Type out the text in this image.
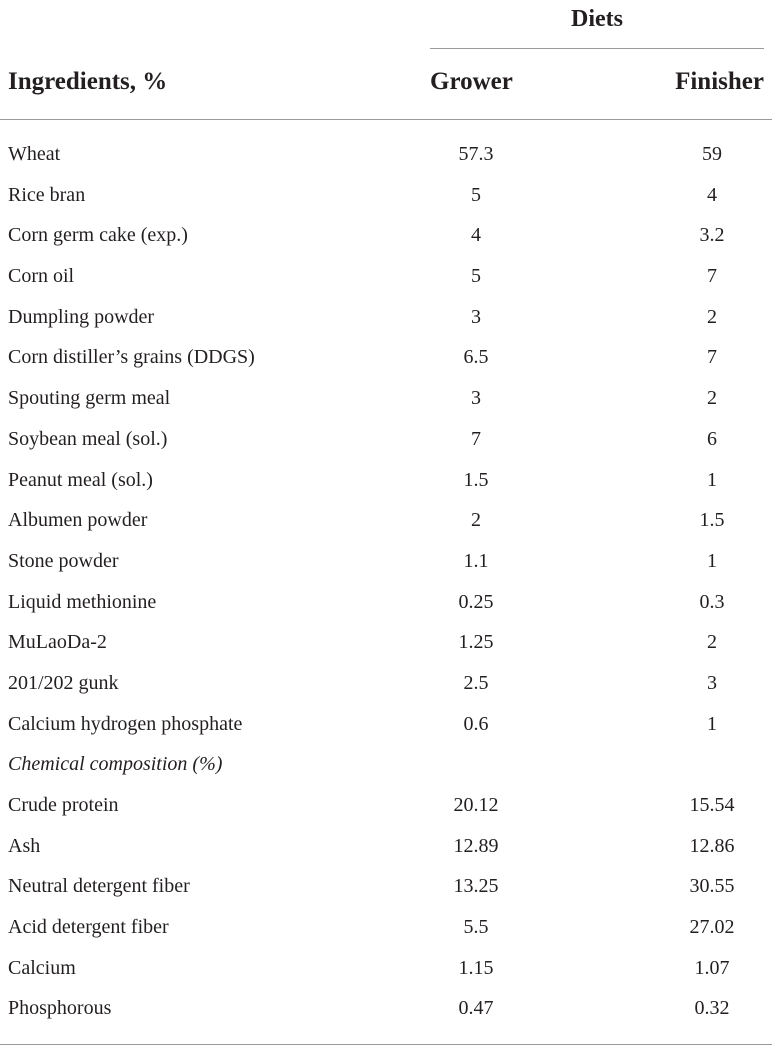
Diets
Ingredients, %	Grower	Finisher
Wheat	57.3	59
Rice bran	5	4
Corn germ cake (exp.)	4	3.2
Corn oil	5	7
Dumpling powder	3	2
Corn distiller’s grains (DDGS)	6.5	7
Spouting germ meal	3	2
Soybean meal (sol.)	7	6
Peanut meal (sol.)	1.5	1
Albumen powder	2	1.5
Stone powder	1.1	1
Liquid methionine	0.25	0.3
MuLaoDa-2	1.25	2
201/202 gunk	2.5	3
Calcium hydrogen phosphate	0.6	1
Chemical composition (%)
Crude protein	20.12	15.54
Ash	12.89	12.86
Neutral detergent fiber	13.25	30.55
Acid detergent fiber	5.5	27.02
Calcium	1.15	1.07
Phosphorous	0.47	0.32
